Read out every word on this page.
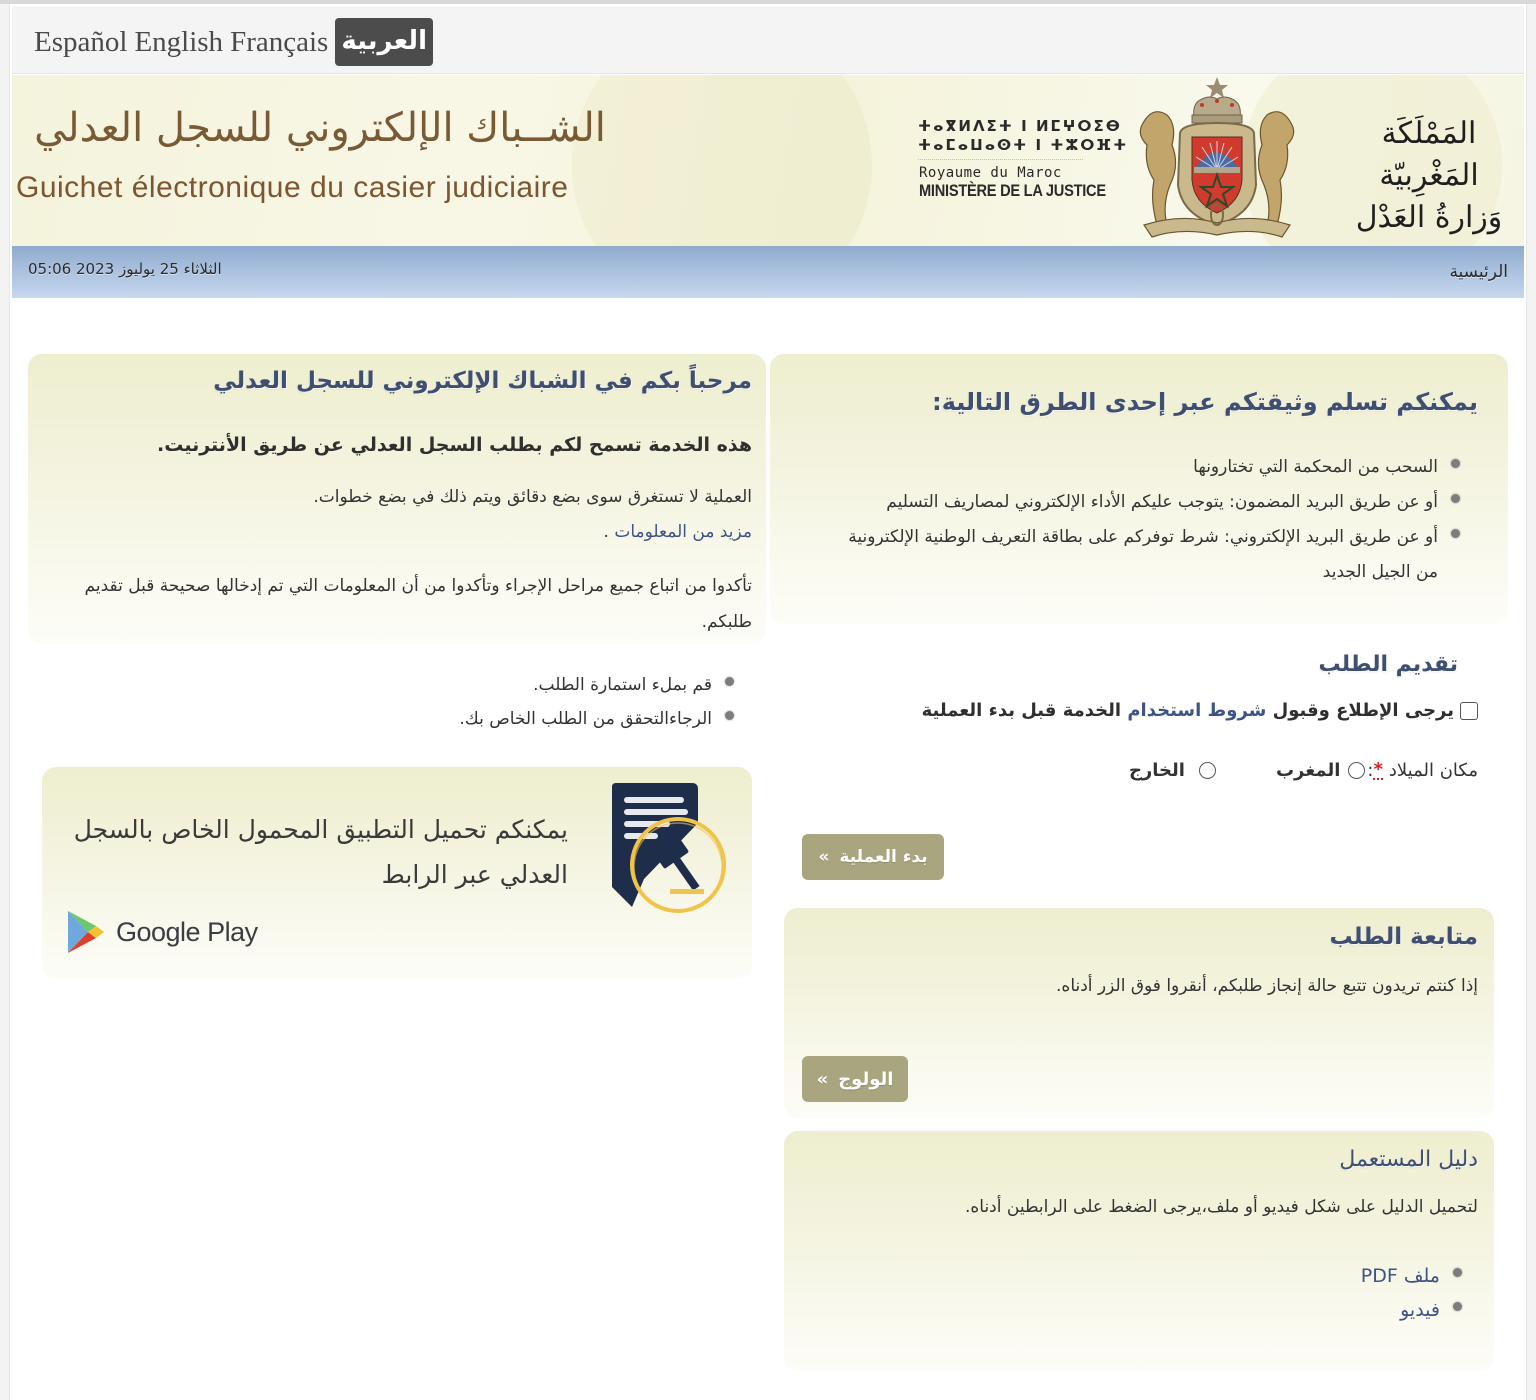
Español English Français العربية
الشــباك الإلكتروني للسجل العدلي
Guichet électronique du casier judiciaire
ⵜⴰⴳⵍⴷⵉⵜ ⵏ ⵍⵎⵖⵔⵉⴱ
ⵜⴰⵎⴰⵡⴰⵙⵜ ⵏ ⵜⵣⵔⴼⵜ
Royaume du Maroc
MINISTÈRE DE LA JUSTICE
المَمْلَكَة المَغْرِبيّة
وَزارةُ العَدْل
الثلاثاء 25 يوليوز 2023 05:06	الرئيسية
مرحباً بكم في الشباك الإلكتروني للسجل العدلي
هذه الخدمة تسمح لكم بطلب السجل العدلي عن طريق الأنترنيت.
العملية لا تستغرق سوى بضع دقائق ويتم ذلك في بضع خطوات.
مزيد من المعلومات .
تأكدوا من اتباع جميع مراحل الإجراء وتأكدوا من أن المعلومات التي تم إدخالها صحيحة قبل تقديم طلبكم.
قم بملء استمارة الطلب.
الرجاءالتحقق من الطلب الخاص بك.
يمكنكم تحميل التطبيق المحمول الخاص بالسجل العدلي عبر الرابط
Google Play
يمكنكم تسلم وثيقتكم عبر إحدى الطرق التالية:
السحب من المحكمة التي تختارونها
أو عن طريق البريد المضمون: يتوجب عليكم الأداء الإلكتروني لمصاريف التسليم
أو عن طريق البريد الإلكتروني: شرط توفركم على بطاقة التعريف الوطنية الإلكترونية من الجيل الجديد
تقديم الطلب
يرجى الإطلاع وقبول شروط استخدام الخدمة قبل بدء العملية
مكان الميلاد
*
:
المغرب
الخارج
بدء العملية
»
متابعة الطلب
إذا كنتم تريدون تتبع حالة إنجاز طلبكم، أنقروا فوق الزر أدناه.
الولوج
»
دليل المستعمل
لتحميل الدليل على شكل فيديو أو ملف،يرجى الضغط على الرابطين أدناه.
ملف PDF
فيديو
